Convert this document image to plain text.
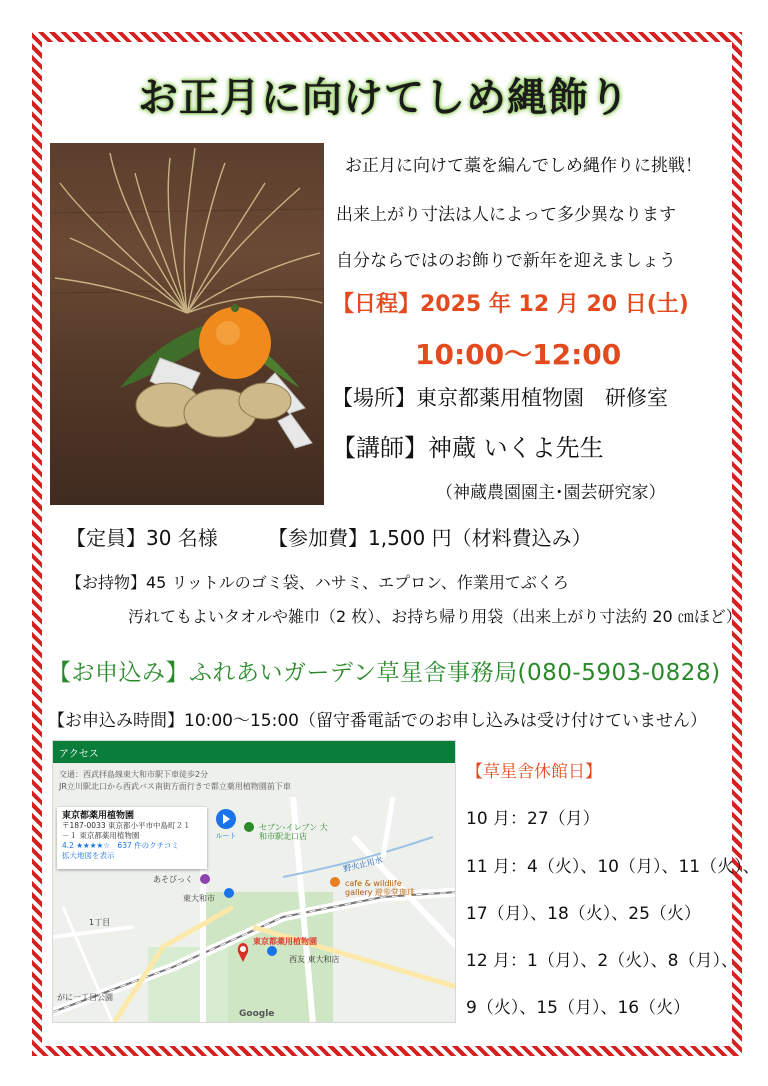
お正月に向けてしめ縄飾り

お正月に向けて藁を編んでしめ縄作りに挑戦！

出来上がり寸法は人によって多少異なります

自分ならではのお飾りで新年を迎えましょう

【日程】2025 年 12 月 20 日(土)

10:00～12:00

【場所】東京都薬用植物園　研修室

【講師】神蔵 いくよ先生

（神蔵農園園主･園芸研究家）

【定員】30 名様	【参加費】1,500 円（材料費込み）

【お持物】45 リットルのゴミ袋、ハサミ、エプロン、作業用てぶくろ

汚れてもよいタオルや雑巾（2 枚）、お持ち帰り用袋（出来上がり寸法約 20 ㎝ほど）

【お申込み】ふれあいガーデン草星舎事務局(080-5903-0828)

【お申込み時間】10:00～15:00（留守番電話でのお申し込みは受け付けていません）

アクセス
交通：西武拝島線東大和市駅下車徒歩2分
JR立川駅北口から西武バス南街方面行きで都立薬用植物園前下車
東京都薬用植物園
〒187-0033 東京都小平市中島町２１
－１ 東京都薬用植物園
4.2 ★★★★☆　637 件のクチコミ
拡大地図を表示
ルート
セブン-イレブン 大和市駅北口店
野火止用水
cafe & wildlife gallery 遊歩堂珈琲
あそびっく
東大和市
東京都薬用植物園
西友 東大和店
1丁目
がに一丁目公園
Google

【草星舎休館日】

10 月：27（月）

11 月：4（火）、10（月）、11（火）、

17（月）、18（火）、25（火）

12 月：1（月）、2（火）、8（月）、

9（火）、15（月）、16（火）
